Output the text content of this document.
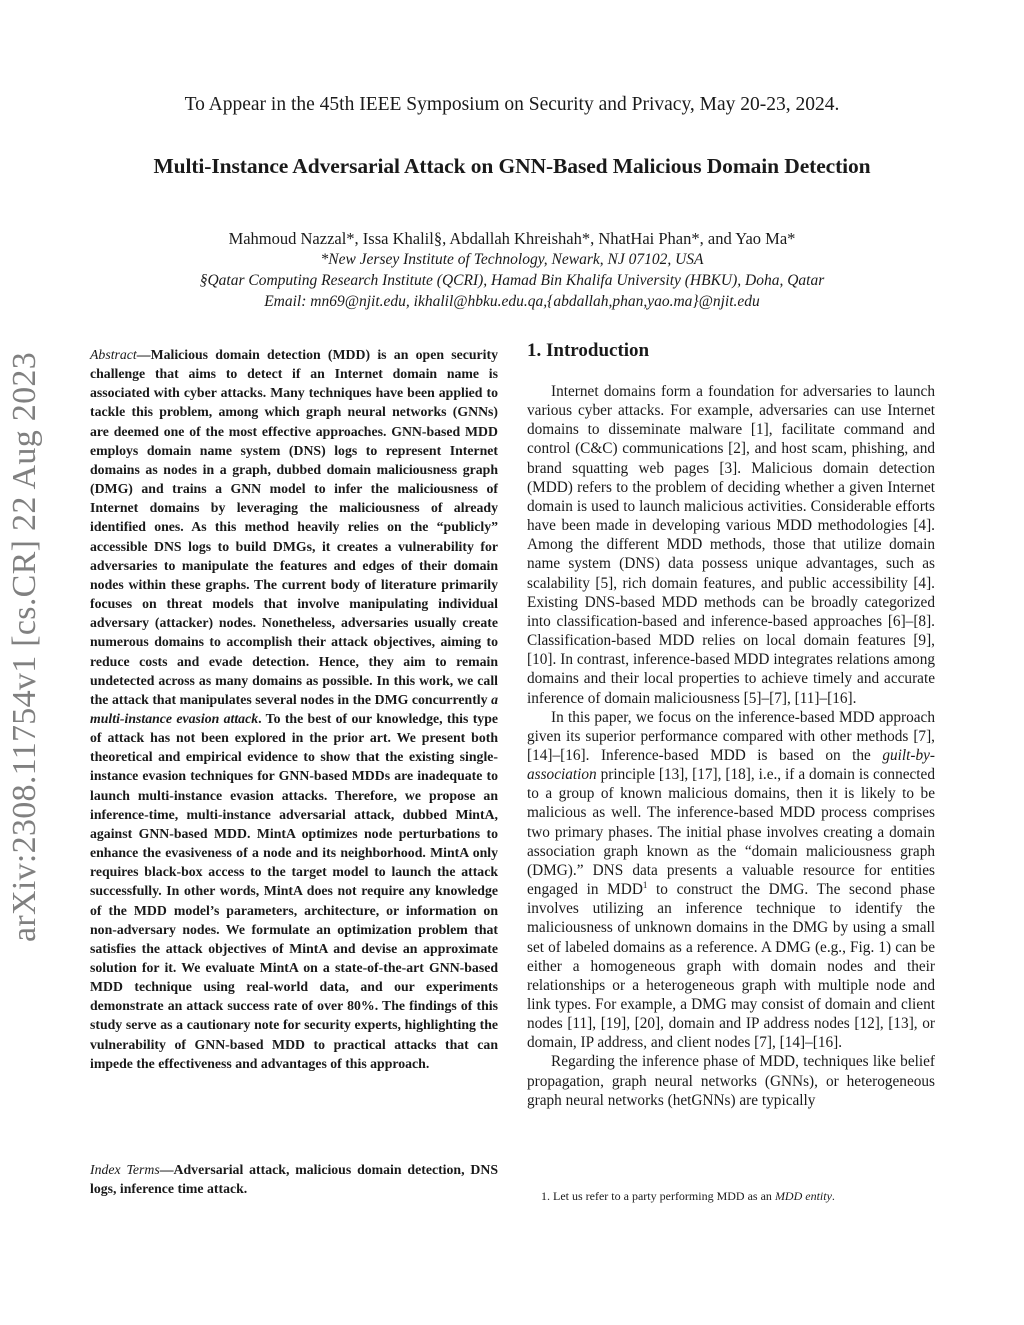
To Appear in the 45th IEEE Symposium on Security and Privacy, May 20-23, 2024.
Multi-Instance Adversarial Attack on GNN-Based Malicious Domain Detection
Mahmoud Nazzal*, Issa Khalil§, Abdallah Khreishah*, NhatHai Phan*, and Yao Ma*
*New Jersey Institute of Technology, Newark, NJ 07102, USA
§Qatar Computing Research Institute (QCRI), Hamad Bin Khalifa University (HBKU), Doha, Qatar
Email: mn69@njit.edu, ikhalil@hbku.edu.qa,{abdallah,phan,yao.ma}@njit.edu
arXiv:2308.11754v1 [cs.CR] 22 Aug 2023	Abstract—Malicious domain detection (MDD) is an open security challenge that aims to detect if an Internet domain name is associated with cyber attacks. Many techniques have been applied to tackle this problem, among which graph neural networks (GNNs) are deemed one of the most effective approaches. GNN-based MDD employs domain name system (DNS) logs to represent Internet domains as nodes in a graph, dubbed domain maliciousness graph (DMG) and trains a GNN model to infer the maliciousness of Internet domains by leveraging the maliciousness of already identified ones. As this method heavily relies on the “publicly” accessible DNS logs to build DMGs, it creates a vulnerability for adversaries to manipulate the features and edges of their domain nodes within these graphs. The current body of literature primarily focuses on threat models that involve manipulating individual adversary (attacker) nodes. Nonetheless, adversaries usually create numerous domains to accomplish their attack objectives, aiming to reduce costs and evade detection. Hence, they aim to remain undetected across as many domains as possible. In this work, we call the attack that manipulates several nodes in the DMG concurrently a multi-instance evasion attack. To the best of our knowledge, this type of attack has not been explored in the prior art. We present both theoretical and empirical evidence to show that the existing single-instance evasion techniques for GNN-based MDDs are inadequate to launch multi-instance evasion attacks. Therefore, we propose an inference-time, multi-instance adversarial attack, dubbed MintA, against GNN-based MDD. MintA optimizes node perturbations to enhance the evasiveness of a node and its neighborhood. MintA only requires black-box access to the target model to launch the attack successfully. In other words, MintA does not require any knowledge of the MDD model’s parameters, architecture, or information on non-adversary nodes. We formulate an optimization problem that satisfies the attack objectives of MintA and devise an approximate solution for it. We evaluate MintA on a state-of-the-art GNN-based MDD technique using real-world data, and our experiments demonstrate an attack success rate of over 80%. The findings of this study serve as a cautionary note for security experts, highlighting the vulnerability of GNN-based MDD to practical attacks that can impede the effectiveness and advantages of this approach.
Index Terms—Adversarial attack, malicious domain detection, DNS logs, inference time attack.
1. Introduction

Internet domains form a foundation for adversaries to launch various cyber attacks. For example, adversaries can use Internet domains to disseminate malware [1], facilitate command and control (C&C) communications [2], and host scam, phishing, and brand squatting web pages [3]. Malicious domain detection (MDD) refers to the problem of deciding whether a given Internet domain is used to launch malicious activities. Considerable efforts have been made in developing various MDD methodologies [4]. Among the different MDD methods, those that utilize domain name system (DNS) data possess unique advantages, such as scalability [5], rich domain features, and public accessibility [4]. Existing DNS-based MDD methods can be broadly categorized into classification-based and inference-based approaches [6]–[8]. Classification-based MDD relies on local domain features [9], [10]. In contrast, inference-based MDD integrates relations among domains and their local properties to achieve timely and accurate inference of domain maliciousness [5]–[7], [11]–[16].

In this paper, we focus on the inference-based MDD approach given its superior performance compared with other methods [7], [14]–[16]. Inference-based MDD is based on the guilt-by-association principle [13], [17], [18], i.e., if a domain is connected to a group of known malicious domains, then it is likely to be malicious as well. The inference-based MDD process comprises two primary phases. The initial phase involves creating a domain association graph known as the “domain maliciousness graph (DMG).” DNS data presents a valuable resource for entities engaged in MDD$^1$ to construct the DMG. The second phase involves utilizing an inference technique to identify the maliciousness of unknown domains in the DMG by using a small set of labeled domains as a reference. A DMG (e.g., Fig. 1) can be either a homogeneous graph with domain nodes and their relationships or a heterogeneous graph with multiple node and link types. For example, a DMG may consist of domain and client nodes [11], [19], [20], domain and IP address nodes [12], [13], or domain, IP address, and client nodes [7], [14]–[16].

Regarding the inference phase of MDD, techniques like belief propagation, graph neural networks (GNNs), or heterogeneous graph neural networks (hetGNNs) are typically

1. Let us refer to a party performing MDD as an MDD entity.
